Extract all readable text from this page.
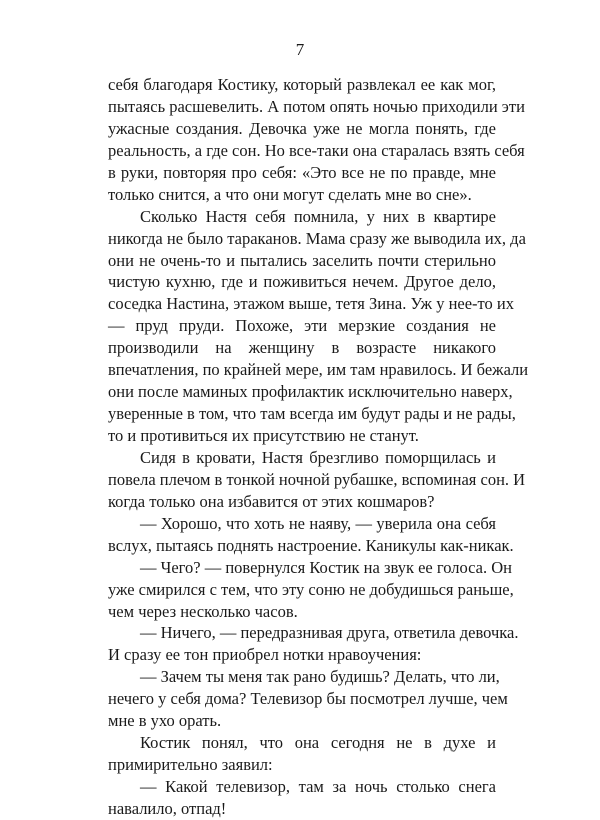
7
себя благодаря Костику, который развлекал ее как мог,
пытаясь расшевелить. А потом опять ночью приходили эти
ужасные создания. Девочка уже не могла понять, где
реальность, а где сон. Но все-таки она старалась взять себя
в руки, повторяя про себя: «Это все не по правде, мне
только снится, а что они могут сделать мне во сне».
Сколько Настя себя помнила, у них в квартире
никогда не было тараканов. Мама сразу же выводила их, да
они не очень-то и пытались заселить почти стерильно
чистую кухню, где и поживиться нечем. Другое дело,
соседка Настина, этажом выше, тетя Зина. Уж у нее-то их
— пруд пруди. Похоже, эти мерзкие создания не
производили на женщину в возрасте никакого
впечатления, по крайней мере, им там нравилось. И бежали
они после маминых профилактик исключительно наверх,
уверенные в том, что там всегда им будут рады и не рады,
то и противиться их присутствию не станут.
Сидя в кровати, Настя брезгливо поморщилась и
повела плечом в тонкой ночной рубашке, вспоминая сон. И
когда только она избавится от этих кошмаров?
— Хорошо, что хоть не наяву, — уверила она себя
вслух, пытаясь поднять настроение. Каникулы как-никак.
— Чего? — повернулся Костик на звук ее голоса. Он
уже смирился с тем, что эту соню не добудишься раньше,
чем через несколько часов.
— Ничего, — передразнивая друга, ответила девочка.
И сразу ее тон приобрел нотки нравоучения:
— Зачем ты меня так рано будишь? Делать, что ли,
нечего у себя дома? Телевизор бы посмотрел лучше, чем
мне в ухо орать.
Костик понял, что она сегодня не в духе и
примирительно заявил:
— Какой телевизор, там за ночь столько снега
навалило, отпад!
